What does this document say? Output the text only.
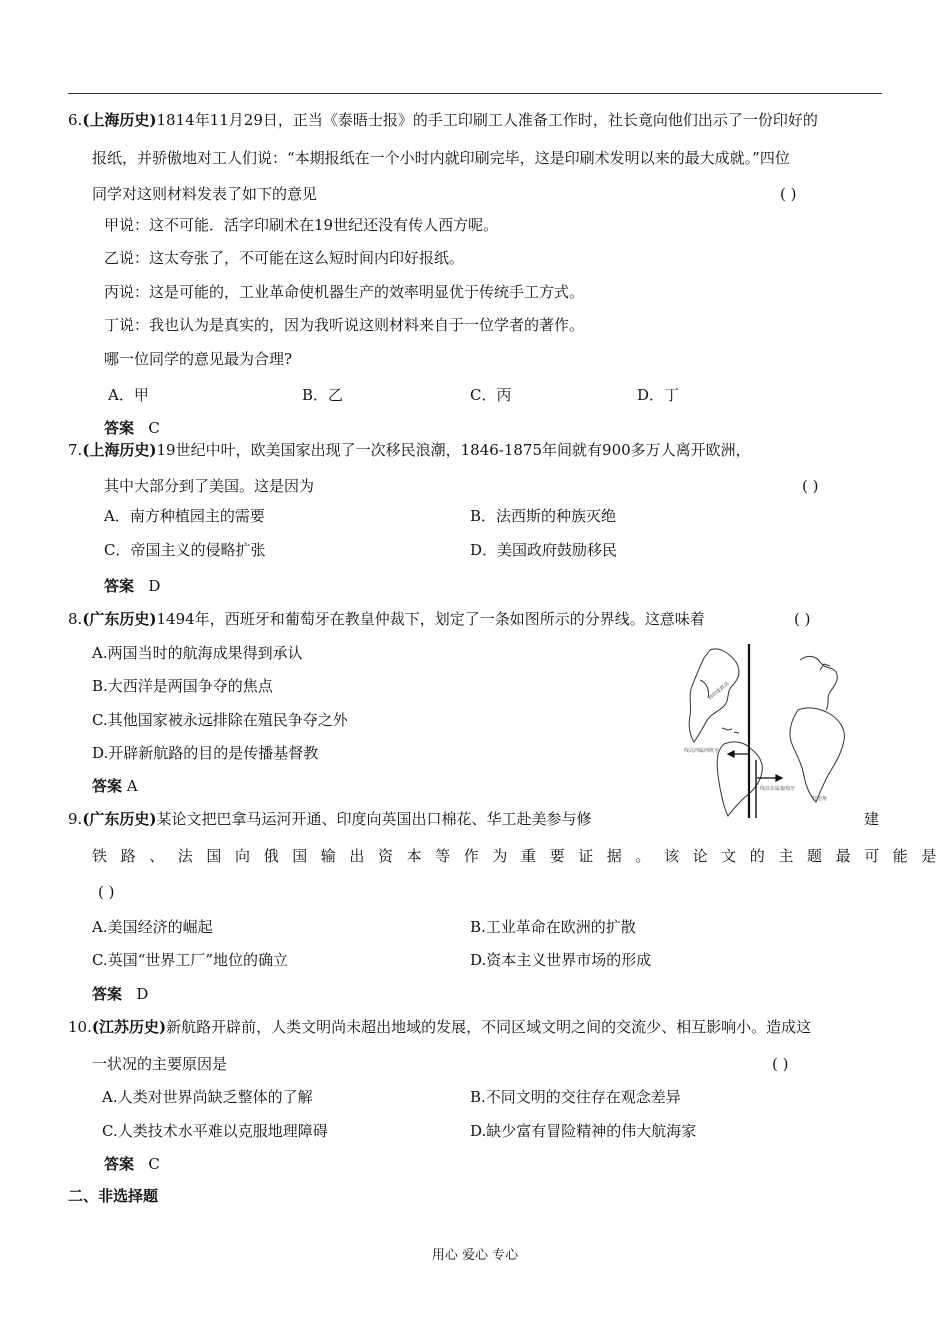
6.(上海历史)1814年11月29日，正当《泰晤士报》的手工印刷工人准备工作时，社长竟向他们出示了一份印好的
报纸，并骄傲地对工人们说：“本期报纸在一个小时内就印刷完毕，这是印刷术发明以来的最大成就。”四位
同学对这则材料发表了如下的意见	( )
甲说：这不可能．活字印刷术在19世纪还没有传人西方呢。
乙说：这太夸张了，不可能在这么短时间内印好报纸。
丙说：这是可能的，工业革命使机器生产的效率明显优于传统手工方式。
丁说：我也认为是真实的，因为我听说这则材料来自于一位学者的著作。
哪一位同学的意见最为合理?
A．甲	B．乙	C．丙	D．丁
答案 C
7.(上海历史)19世纪中叶，欧美国家出现了一次移民浪潮，1846-1875年间就有900多万人离开欧洲，
其中大部分到了美国。这是因为	( )
A．南方种植园主的需要	B．法西斯的种族灭绝
C．帝国主义的侵略扩张	D．美国政府鼓励移民
答案 D
8.(广东历史)1494年，西班牙和葡萄牙在教皇仲裁下，划定了一条如图所示的分界线。这意味着	( )
A.两国当时的航海成果得到承认
B.大西洋是两国争夺的焦点
C.其他国家被永远排除在殖民争夺之外
D.开辟新航路的目的是传播基督教
答案 A
西印度群岛
线以西属西班牙
线以东属葡萄牙
好望角
9.(广东历史)某论文把巴拿马运河开通、印度向英国出口棉花、华工赴美参与修	建
铁路、法国向俄国输出资本等作为重要证据。该论文的主题最可能是
( )
A.美国经济的崛起	B.工业革命在欧洲的扩散
C.英国“世界工厂”地位的确立	D.资本主义世界市场的形成
答案 D
10.(江苏历史)新航路开辟前，人类文明尚未超出地域的发展，不同区域文明之间的交流少、相互影响小。造成这
一状况的主要原因是	( )
A.人类对世界尚缺乏整体的了解	B.不同文明的交往存在观念差异
C.人类技术水平难以克服地理障碍	D.缺少富有冒险精神的伟大航海家
答案 C
二、非选择题
用心 爱心 专心
